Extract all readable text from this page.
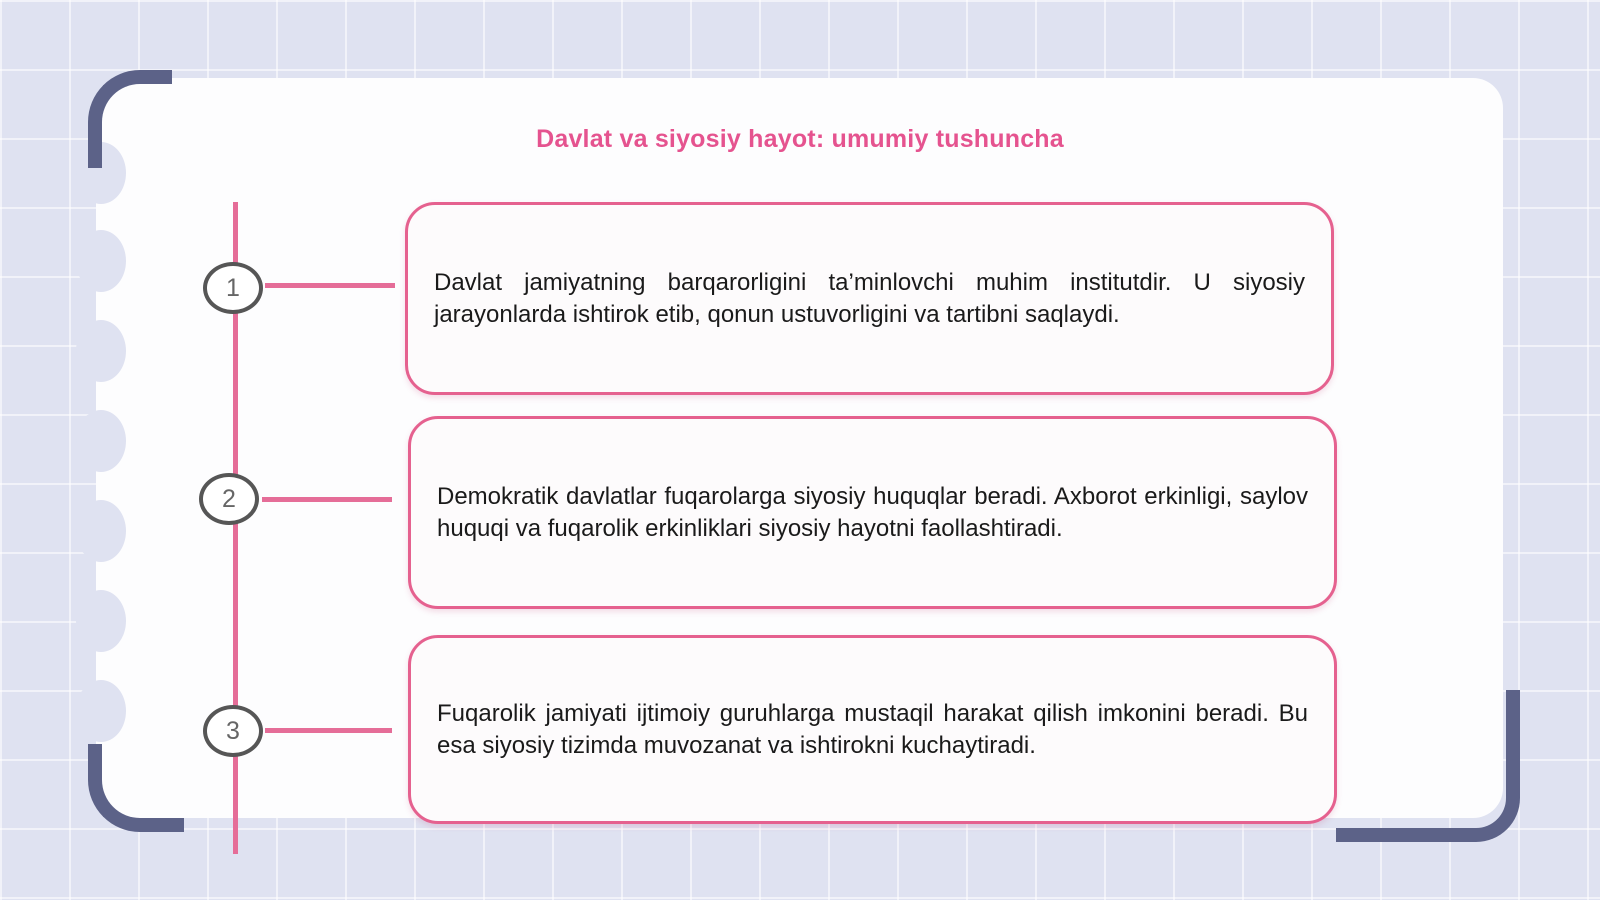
Davlat va siyosiy hayot: umumiy tushuncha
1	Davlat jamiyatning barqarorligini ta’minlovchi muhim institutdir. U siyosiy jarayonlarda ishtirok etib, qonun ustuvorligini va tartibni saqlaydi.
2	Demokratik davlatlar fuqarolarga siyosiy huquqlar beradi. Axborot erkinligi, saylov huquqi va fuqarolik erkinliklari siyosiy hayotni faollashtiradi.
3
Fuqarolik jamiyati ijtimoiy guruhlarga mustaqil harakat qilish imkonini beradi. Bu esa siyosiy tizimda muvozanat va ishtirokni kuchaytiradi.
